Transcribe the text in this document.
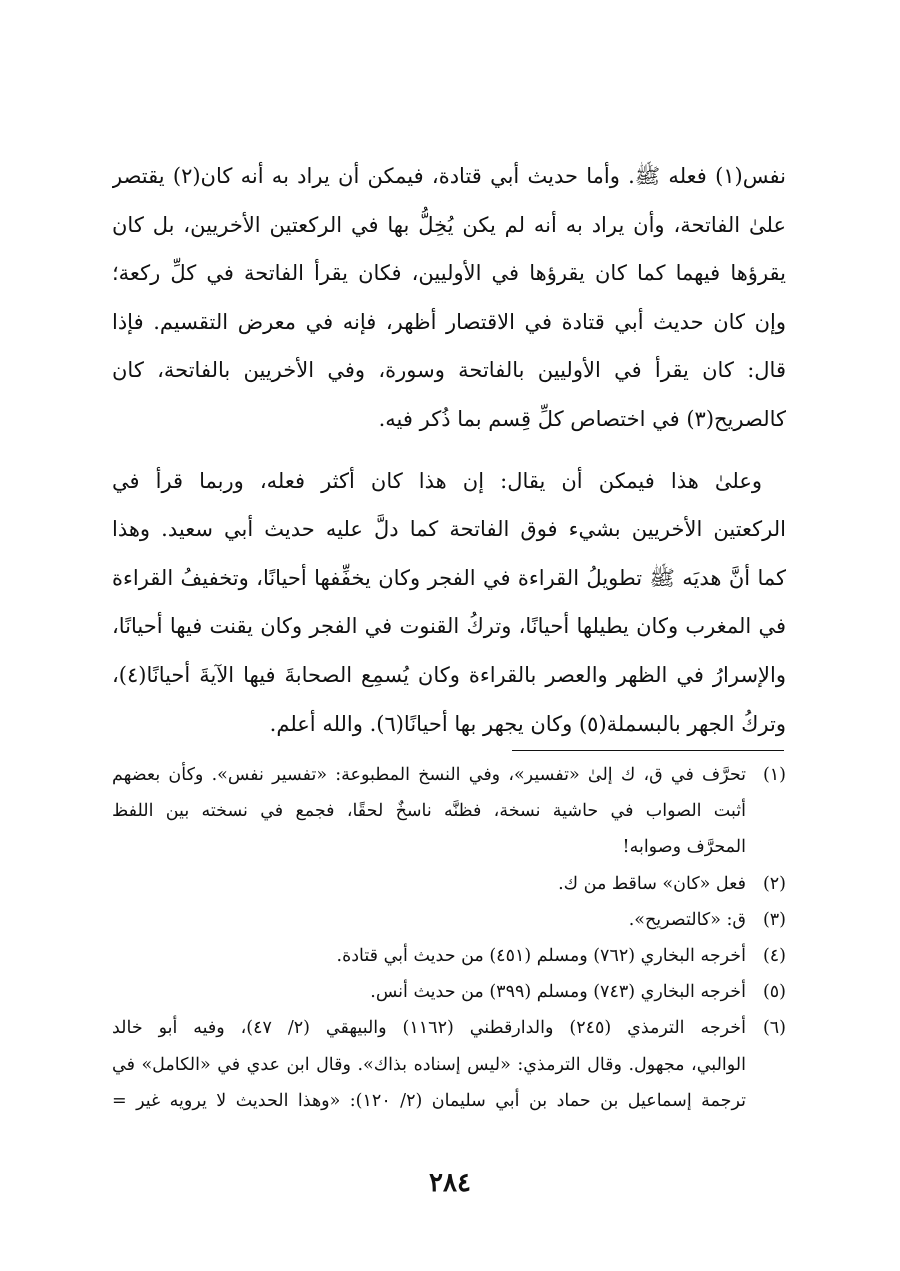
نفس(١) فعله ﷺ. وأما حديث أبي قتادة، فيمكن أن يراد به أنه كان(٢) يقتصر
علىٰ الفاتحة، وأن يراد به أنه لم يكن يُخِلُّ بها في الركعتين الأخريين، بل كان
يقرؤها فيهما كما كان يقرؤها في الأوليين، فكان يقرأ الفاتحة في كلِّ ركعة؛
وإن كان حديث أبي قتادة في الاقتصار أظهر، فإنه في معرض التقسيم. فإذا
قال: كان يقرأ في الأوليين بالفاتحة وسورة، وفي الأخريين بالفاتحة، كان
كالصريح(٣) في اختصاص كلِّ قِسم بما ذُكر فيه.
وعلىٰ هذا فيمكن أن يقال: إن هذا كان أكثر فعله، وربما قرأ في
الركعتين الأخريين بشيء فوق الفاتحة كما دلَّ عليه حديث أبي سعيد. وهذا
كما أنَّ هديَه ﷺ تطويلُ القراءة في الفجر وكان يخفِّفها أحيانًا، وتخفيفُ القراءة
في المغرب وكان يطيلها أحيانًا، وتركُ القنوت في الفجر وكان يقنت فيها أحيانًا،
والإسرارُ في الظهر والعصر بالقراءة وكان يُسمِع الصحابةَ فيها الآيةَ أحيانًا(٤)،
وتركُ الجهر بالبسملة(٥) وكان يجهر بها أحيانًا(٦). والله أعلم.
(١)
تحرَّف في ق، ك إلىٰ «تفسير»، وفي النسخ المطبوعة: «تفسير نفس». وكأن بعضهم
أثبت الصواب في حاشية نسخة، فظنَّه ناسخٌ لحقًا، فجمع في نسخته بين اللفظ
المحرَّف وصوابه!
(٢)
فعل «كان» ساقط من ك.
(٣)
ق: «كالتصريح».
(٤)
أخرجه البخاري (٧٦٢) ومسلم (٤٥١) من حديث أبي قتادة.
(٥)
أخرجه البخاري (٧٤٣) ومسلم (٣٩٩) من حديث أنس.
(٦)
أخرجه الترمذي (٢٤٥) والدارقطني (١١٦٢) والبيهقي (٢/ ٤٧)، وفيه أبو خالد
الوالبي، مجهول. وقال الترمذي: «ليس إسناده بذاك». وقال ابن عدي في «الكامل» في
ترجمة إسماعيل بن حماد بن أبي سليمان (٢/ ١٢٠): «وهذا الحديث لا يرويه غير =
٢٨٤
